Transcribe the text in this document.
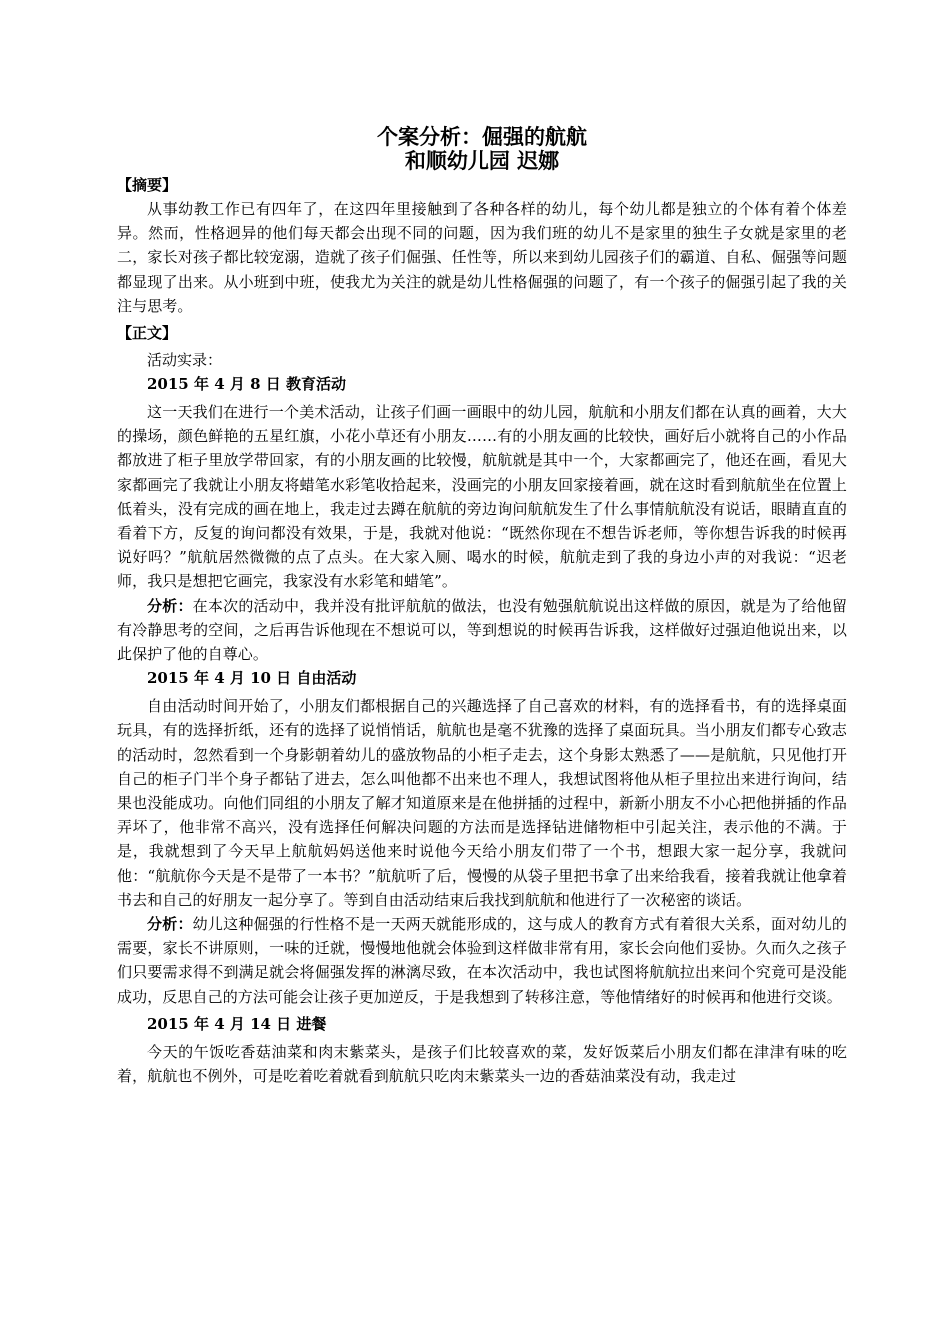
个案分析：倔强的航航

和顺幼儿园 迟娜

【摘要】

从事幼教工作已有四年了，在这四年里接触到了各种各样的幼儿，每个幼儿都是独立的个体有着个体差异。然而，性格迥异的他们每天都会出现不同的问题，因为我们班的幼儿不是家里的独生子女就是家里的老二，家长对孩子都比较宠溺，造就了孩子们倔强、任性等，所以来到幼儿园孩子们的霸道、自私、倔强等问题都显现了出来。从小班到中班，使我尤为关注的就是幼儿性格倔强的问题了，有一个孩子的倔强引起了我的关注与思考。

【正文】

活动实录：

2015 年 4 月 8 日 教育活动

这一天我们在进行一个美术活动，让孩子们画一画眼中的幼儿园，航航和小朋友们都在认真的画着，大大的操场，颜色鲜艳的五星红旗，小花小草还有小朋友……有的小朋友画的比较快，画好后小就将自己的小作品都放进了柜子里放学带回家，有的小朋友画的比较慢，航航就是其中一个，大家都画完了，他还在画，看见大家都画完了我就让小朋友将蜡笔水彩笔收拾起来，没画完的小朋友回家接着画，就在这时看到航航坐在位置上低着头，没有完成的画在地上，我走过去蹲在航航的旁边询问航航发生了什么事情航航没有说话，眼睛直直的看着下方，反复的询问都没有效果，于是，我就对他说：“既然你现在不想告诉老师，等你想告诉我的时候再说好吗？”航航居然微微的点了点头。在大家入厕、喝水的时候，航航走到了我的身边小声的对我说：“迟老师，我只是想把它画完，我家没有水彩笔和蜡笔”。

分析：在本次的活动中，我并没有批评航航的做法，也没有勉强航航说出这样做的原因，就是为了给他留有冷静思考的空间，之后再告诉他现在不想说可以，等到想说的时候再告诉我，这样做好过强迫他说出来，以此保护了他的自尊心。

2015 年 4 月 10 日 自由活动

自由活动时间开始了，小朋友们都根据自己的兴趣选择了自己喜欢的材料，有的选择看书，有的选择桌面玩具，有的选择折纸，还有的选择了说悄悄话，航航也是毫不犹豫的选择了桌面玩具。当小朋友们都专心致志的活动时，忽然看到一个身影朝着幼儿的盛放物品的小柜子走去，这个身影太熟悉了——是航航，只见他打开自己的柜子门半个身子都钻了进去，怎么叫他都不出来也不理人，我想试图将他从柜子里拉出来进行询问，结果也没能成功。向他们同组的小朋友了解才知道原来是在他拼插的过程中，新新小朋友不小心把他拼插的作品弄坏了，他非常不高兴，没有选择任何解决问题的方法而是选择钻进储物柜中引起关注，表示他的不满。于是，我就想到了今天早上航航妈妈送他来时说他今天给小朋友们带了一个书，想跟大家一起分享，我就问他：“航航你今天是不是带了一本书？”航航听了后，慢慢的从袋子里把书拿了出来给我看，接着我就让他拿着书去和自己的好朋友一起分享了。等到自由活动结束后我找到航航和他进行了一次秘密的谈话。

分析：幼儿这种倔强的行性格不是一天两天就能形成的，这与成人的教育方式有着很大关系，面对幼儿的需要，家长不讲原则，一味的迁就，慢慢地他就会体验到这样做非常有用，家长会向他们妥协。久而久之孩子们只要需求得不到满足就会将倔强发挥的淋漓尽致，在本次活动中，我也试图将航航拉出来问个究竟可是没能成功，反思自己的方法可能会让孩子更加逆反，于是我想到了转移注意，等他情绪好的时候再和他进行交谈。

2015 年 4 月 14 日 进餐

今天的午饭吃香菇油菜和肉末紫菜头，是孩子们比较喜欢的菜，发好饭菜后小朋友们都在津津有味的吃着，航航也不例外，可是吃着吃着就看到航航只吃肉末紫菜头一边的香菇油菜没有动，我走过
